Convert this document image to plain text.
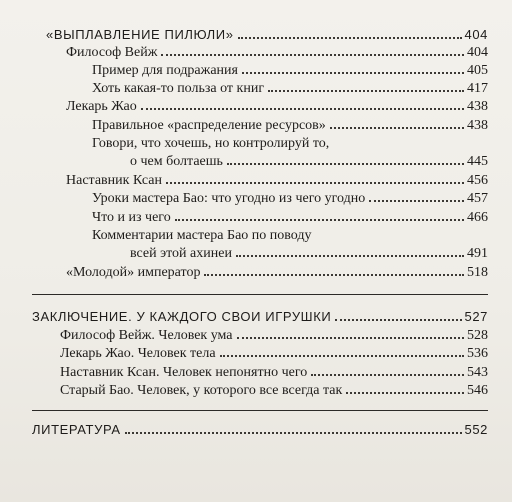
«ВЫПЛАВЛЕНИЕ ПИЛЮЛИ»	404
Философ Вейж	404
Пример для подражания	405
Хоть какая-то польза от книг	417
Лекарь Жао	438
Правильное «распределение ресурсов»	438
Говори, что хочешь, но контролируй то,
о чем болтаешь	445
Наставник Ксан	456
Уроки мастера Бао: что угодно из чего угодно	457
Что и из чего	466
Комментарии мастера Бао по поводу
всей этой ахинеи	491
«Молодой» император	518
ЗАКЛЮЧЕНИЕ. У КАЖДОГО СВОИ ИГРУШКИ	527
Философ Вейж. Человек ума	528
Лекарь Жао. Человек тела	536
Наставник Ксан. Человек непонятно чего	543
Старый Бао. Человек, у которого все всегда так	546
ЛИТЕРАТУРА	552
